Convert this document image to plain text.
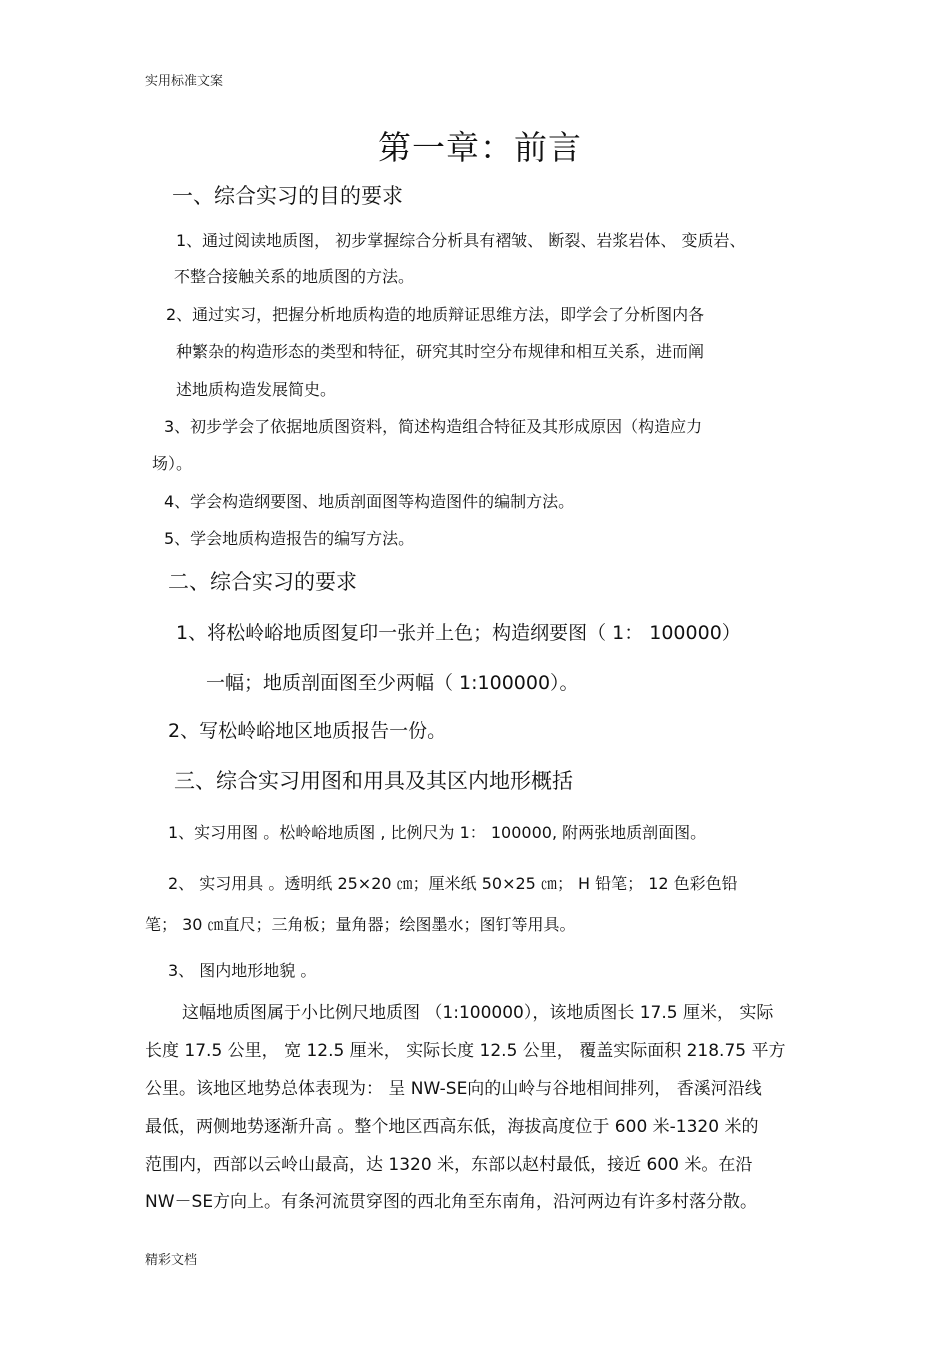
实用标准文案
第一章：前言
一、综合实习的目的要求
1、通过阅读地质图， 初步掌握综合分析具有褶皱、 断裂、岩浆岩体、 变质岩、
不整合接触关系的地质图的方法。
2、通过实习，把握分析地质构造的地质辩证思维方法，即学会了分析图内各
种繁杂的构造形态的类型和特征，研究其时空分布规律和相互关系，进而阐
述地质构造发展简史。
3、初步学会了依据地质图资料，简述构造组合特征及其形成原因（构造应力
场）。
4、学会构造纲要图、地质剖面图等构造图件的编制方法。
5、学会地质构造报告的编写方法。
二、综合实习的要求
1、将松岭峪地质图复印一张并上色；构造纲要图（ 1： 100000）
一幅；地质剖面图至少两幅（ 1:100000）。
2、写松岭峪地区地质报告一份。
三、综合实习用图和用具及其区内地形概括
1、实习用图 。松岭峪地质图 , 比例尺为 1： 100000, 附两张地质剖面图。
2、 实习用具 。透明纸 25×20 ㎝；厘米纸 50×25 ㎝； H 铅笔； 12 色彩色铅
笔； 30 ㎝直尺；三角板；量角器；绘图墨水；图钉等用具。
3、 图内地形地貌 。
这幅地质图属于小比例尺地质图 （1:100000），该地质图长 17.5 厘米， 实际
长度 17.5 公里， 宽 12.5 厘米， 实际长度 12.5 公里， 覆盖实际面积 218.75 平方
公里。该地区地势总体表现为： 呈 NW-SE向的山岭与谷地相间排列， 香溪河沿线
最低，两侧地势逐渐升高 。整个地区西高东低，海拔高度位于 600 米-1320 米的
范围内，西部以云岭山最高，达 1320 米，东部以赵村最低，接近 600 米。在沿
NW－SE方向上。有条河流贯穿图的西北角至东南角，沿河两边有许多村落分散。
精彩文档
